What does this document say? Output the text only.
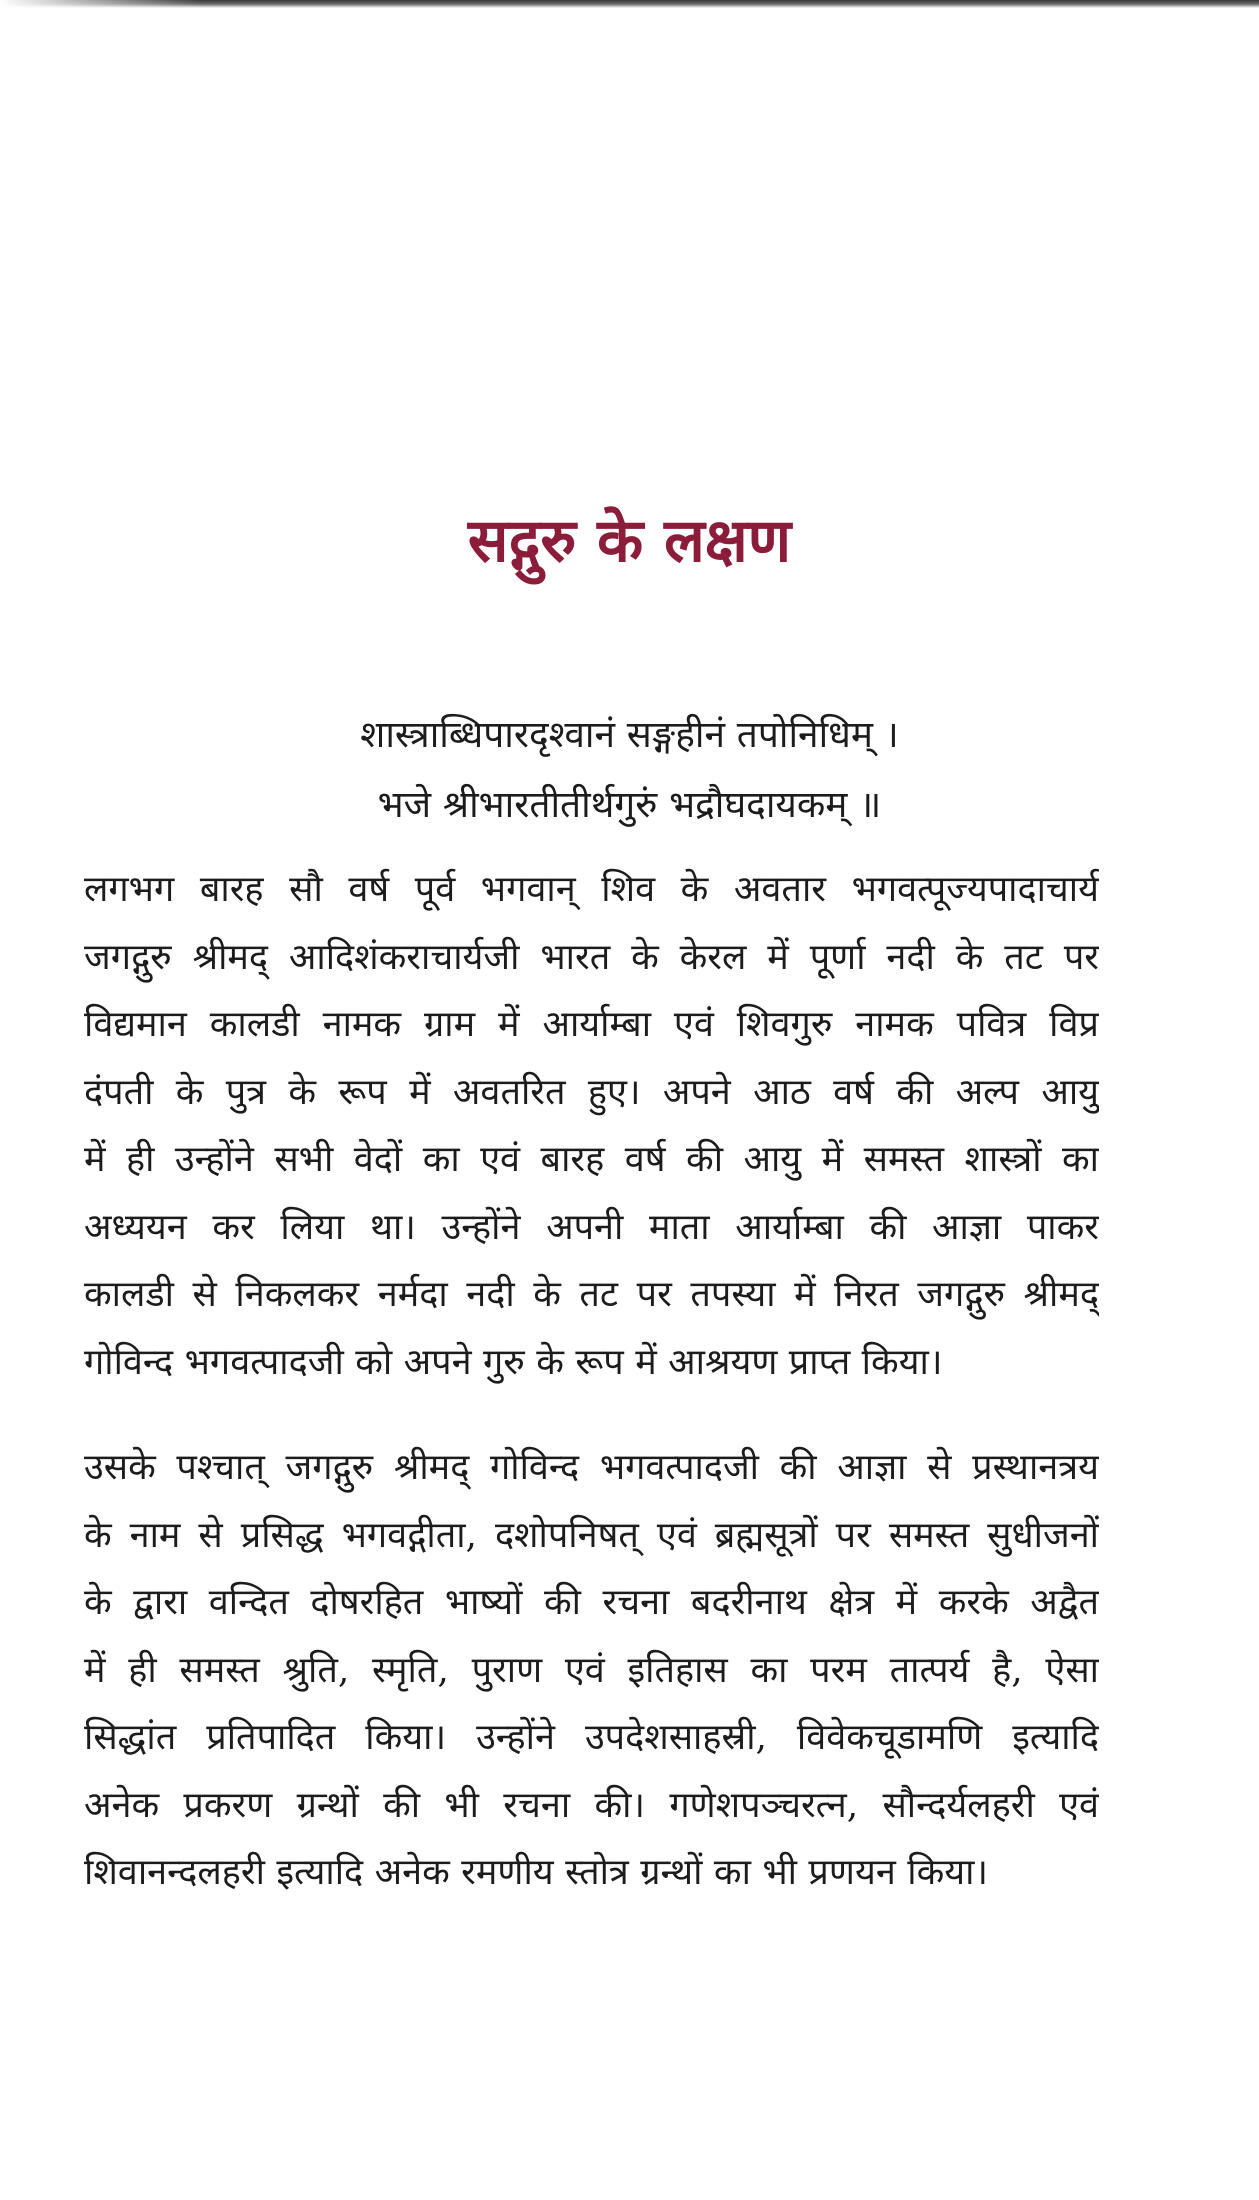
सद्गुरु के लक्षण
शास्त्राब्धिपारदृश्वानं सङ्गहीनं तपोनिधिम् ।
भजे श्रीभारतीतीर्थगुरुं भद्रौघदायकम् ॥
लगभग बारह सौ वर्ष पूर्व भगवान् शिव के अवतार भगवत्पूज्यपादाचार्य
जगद्गुरु श्रीमद् आदिशंकराचार्यजी भारत के केरल में पूर्णा नदी के तट पर
विद्यमान कालडी नामक ग्राम में आर्याम्बा एवं शिवगुरु नामक पवित्र विप्र
दंपती के पुत्र के रूप में अवतरित हुए। अपने आठ वर्ष की अल्प आयु
में ही उन्होंने सभी वेदों का एवं बारह वर्ष की आयु में समस्त शास्त्रों का
अध्ययन कर लिया था। उन्होंने अपनी माता आर्याम्बा की आज्ञा पाकर
कालडी से निकलकर नर्मदा नदी के तट पर तपस्या में निरत जगद्गुरु श्रीमद्
गोविन्द भगवत्पादजी को अपने गुरु के रूप में आश्रयण प्राप्त किया।
उसके पश्चात् जगद्गुरु श्रीमद् गोविन्द भगवत्पादजी की आज्ञा से प्रस्थानत्रय
के नाम से प्रसिद्ध भगवद्गीता, दशोपनिषत् एवं ब्रह्मसूत्रों पर समस्त सुधीजनों
के द्वारा वन्दित दोषरहित भाष्यों की रचना बदरीनाथ क्षेत्र में करके अद्वैत
में ही समस्त श्रुति, स्मृति, पुराण एवं इतिहास का परम तात्पर्य है, ऐसा
सिद्धांत प्रतिपादित किया। उन्होंने उपदेशसाहस्री, विवेकचूडामणि इत्यादि
अनेक प्रकरण ग्रन्थों की भी रचना की। गणेशपञ्चरत्न, सौन्दर्यलहरी एवं
शिवानन्दलहरी इत्यादि अनेक रमणीय स्तोत्र ग्रन्थों का भी प्रणयन किया।
